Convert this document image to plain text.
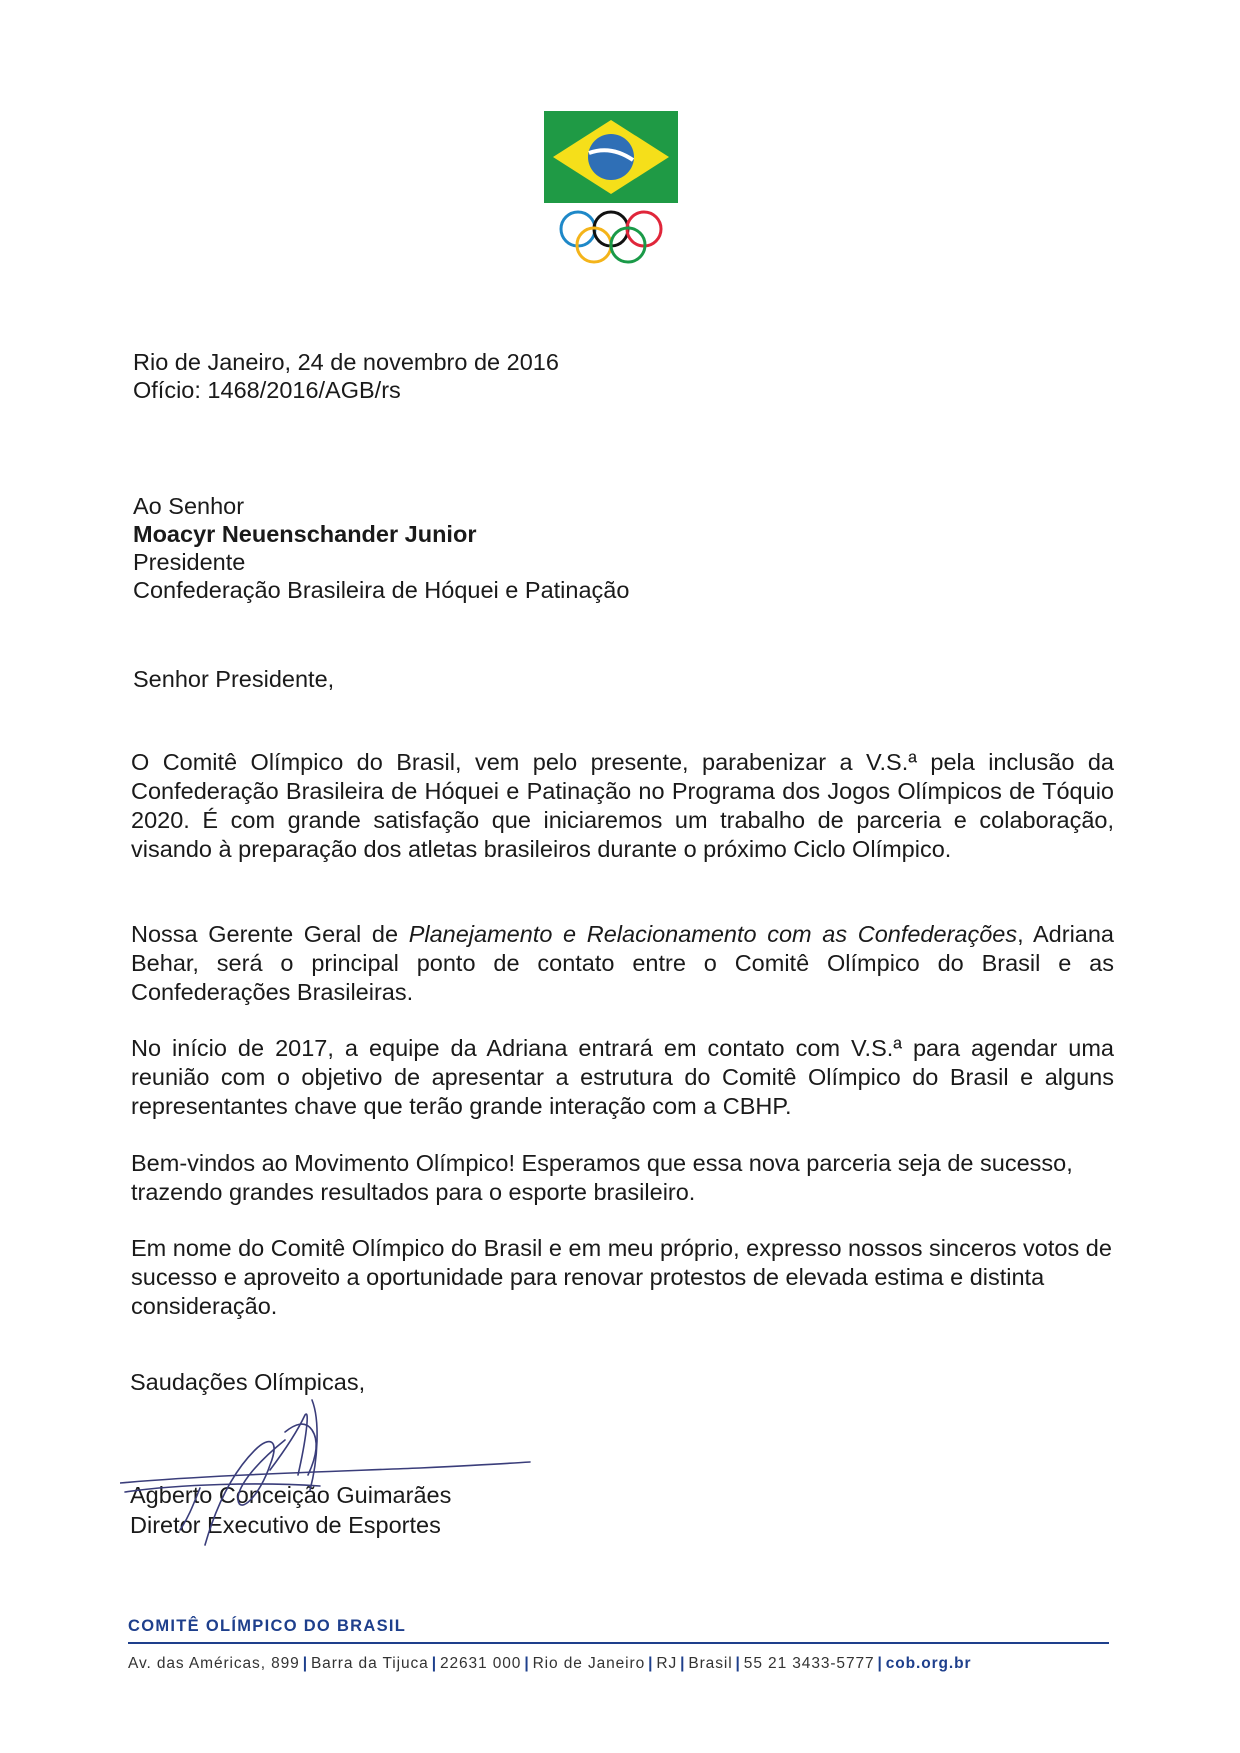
Rio de Janeiro, 24 de novembro de 2016
Ofício: 1468/2016/AGB/rs
Ao Senhor
Moacyr Neuenschander Junior
Presidente
Confederação Brasileira de Hóquei e Patinação
Senhor Presidente,
O Comitê Olímpico do Brasil, vem pelo presente, parabenizar a V.S.ª pela inclusão da Confederação Brasileira de Hóquei e Patinação no Programa dos Jogos Olímpicos de Tóquio 2020. É com grande satisfação que iniciaremos um trabalho de parceria e colaboração, visando à preparação dos atletas brasileiros durante o próximo Ciclo Olímpico.
Nossa Gerente Geral de Planejamento e Relacionamento com as Confederações, Adriana Behar, será o principal ponto de contato entre o Comitê Olímpico do Brasil e as Confederações Brasileiras.
No início de 2017, a equipe da Adriana entrará em contato com V.S.ª para agendar uma reunião com o objetivo de apresentar a estrutura do Comitê Olímpico do Brasil e alguns representantes chave que terão grande interação com a CBHP.
Bem-vindos ao Movimento Olímpico! Esperamos que essa nova parceria seja de sucesso, trazendo grandes resultados para o esporte brasileiro.
Em nome do Comitê Olímpico do Brasil e em meu próprio, expresso nossos sinceros votos de sucesso e aproveito a oportunidade para renovar protestos de elevada estima e distinta consideração.
Saudações Olímpicas,
Agberto Conceição Guimarães
Diretor Executivo de Esportes
COMITÊ OLÍMPICO DO BRASIL
Av. das Américas, 899 | Barra da Tijuca | 22631 000 | Rio de Janeiro | RJ | Brasil | 55 21 3433-5777 | cob.org.br
